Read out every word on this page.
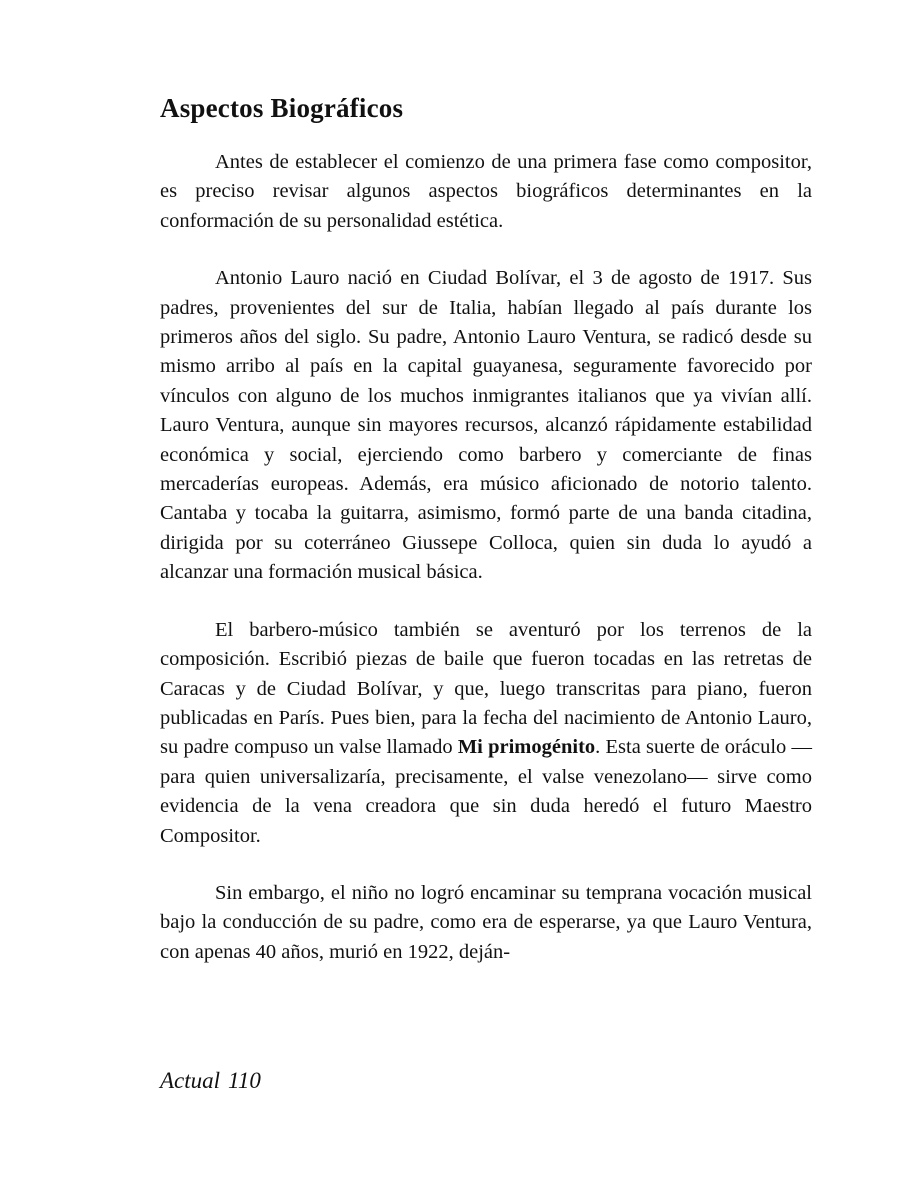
Aspectos Biográficos

Antes de establecer el comienzo de una primera fase como compositor, es preciso revisar algunos aspectos biográficos determinantes en la conformación de su personalidad estética.

Antonio Lauro nació en Ciudad Bolívar, el 3 de agosto de 1917. Sus padres, provenientes del sur de Italia, habían llegado al país durante los primeros años del siglo. Su padre, Antonio Lauro Ventura, se radicó desde su mismo arribo al país en la capital guayanesa, seguramente favorecido por vínculos con alguno de los muchos inmigrantes italianos que ya vivían allí. Lauro Ventura, aunque sin mayores recursos, alcanzó rápidamente estabilidad económica y social, ejerciendo como barbero y comerciante de finas mercaderías europeas. Además, era músico aficionado de notorio talento. Cantaba y tocaba la guitarra, asimismo, formó parte de una banda citadina, dirigida por su coterráneo Giussepe Colloca, quien sin duda lo ayudó a alcanzar una formación musical básica.

El barbero-músico también se aventuró por los terrenos de la composición. Escribió piezas de baile que fueron tocadas en las retretas de Caracas y de Ciudad Bolívar, y que, luego transcritas para piano, fueron publicadas en París. Pues bien, para la fecha del nacimiento de Antonio Lauro, su padre compuso un valse llamado Mi primogénito. Esta suerte de oráculo —para quien universalizaría, precisamente, el valse venezolano— sirve como evidencia de la vena creadora que sin duda heredó el futuro Maestro Compositor.

Sin embargo, el niño no logró encaminar su temprana vocación musical bajo la conducción de su padre, como era de esperarse, ya que Lauro Ventura, con apenas 40 años, murió en 1922, deján-

Actual 110
